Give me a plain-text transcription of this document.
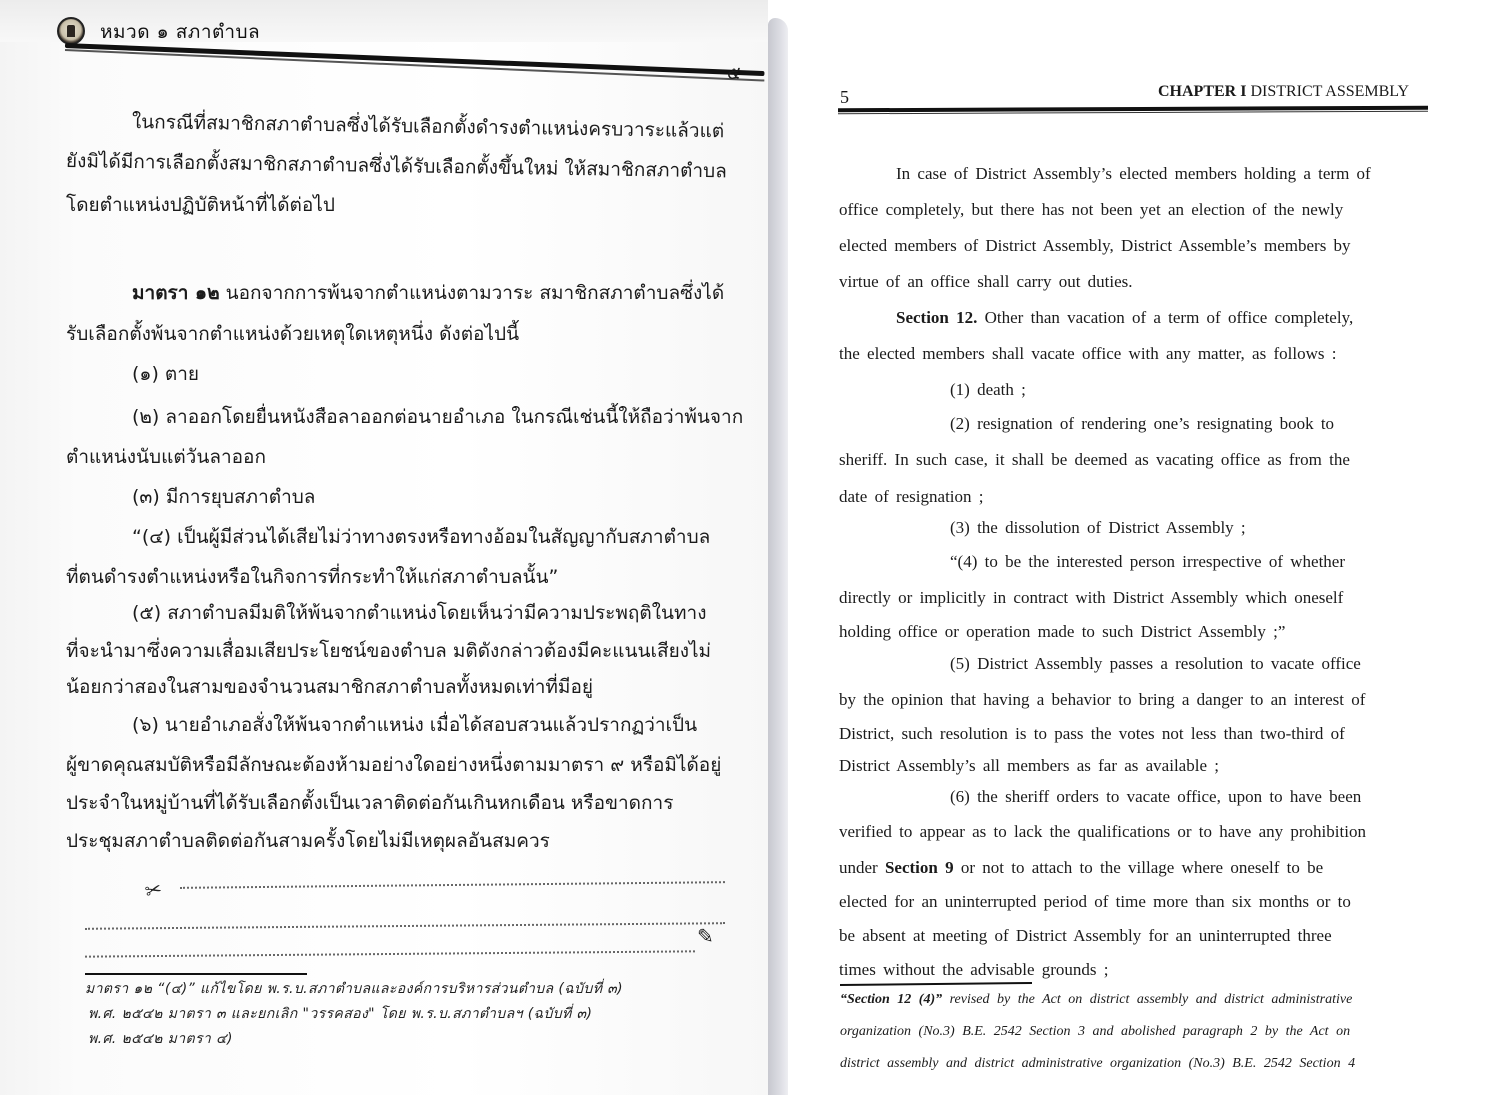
หมวด ๑ สภาตำบล
๕
ในกรณีที่สมาชิกสภาตำบลซึ่งได้รับเลือกตั้งดำรงตำแหน่งครบวาระแล้วแต่
ยังมิได้มีการเลือกตั้งสมาชิกสภาตำบลซึ่งได้รับเลือกตั้งขึ้นใหม่ ให้สมาชิกสภาตำบล
โดยตำแหน่งปฏิบัติหน้าที่ได้ต่อไป
มาตรา ๑๒ นอกจากการพ้นจากตำแหน่งตามวาระ สมาชิกสภาตำบลซึ่งได้
รับเลือกตั้งพ้นจากตำแหน่งด้วยเหตุใดเหตุหนึ่ง ดังต่อไปนี้
(๑) ตาย
(๒) ลาออกโดยยื่นหนังสือลาออกต่อนายอำเภอ ในกรณีเช่นนี้ให้ถือว่าพ้นจาก
ตำแหน่งนับแต่วันลาออก
(๓) มีการยุบสภาตำบล
“(๔) เป็นผู้มีส่วนได้เสียไม่ว่าทางตรงหรือทางอ้อมในสัญญากับสภาตำบล
ที่ตนดำรงตำแหน่งหรือในกิจการที่กระทำให้แก่สภาตำบลนั้น”
(๕) สภาตำบลมีมติให้พ้นจากตำแหน่งโดยเห็นว่ามีความประพฤติในทาง
ที่จะนำมาซึ่งความเสื่อมเสียประโยชน์ของตำบล มติดังกล่าวต้องมีคะแนนเสียงไม่
น้อยกว่าสองในสามของจำนวนสมาชิกสภาตำบลทั้งหมดเท่าที่มีอยู่
(๖) นายอำเภอสั่งให้พ้นจากตำแหน่ง เมื่อได้สอบสวนแล้วปรากฏว่าเป็น
ผู้ขาดคุณสมบัติหรือมีลักษณะต้องห้ามอย่างใดอย่างหนึ่งตามมาตรา ๙ หรือมิได้อยู่
ประจำในหมู่บ้านที่ได้รับเลือกตั้งเป็นเวลาติดต่อกันเกินหกเดือน หรือขาดการ
ประชุมสภาตำบลติดต่อกันสามครั้งโดยไม่มีเหตุผลอันสมควร
✂
✎
มาตรา ๑๒ “(๔)” แก้ไขโดย พ.ร.บ.สภาตำบลและองค์การบริหารส่วนตำบล (ฉบับที่ ๓)
พ.ศ. ๒๕๔๒ มาตรา ๓ และยกเลิก "วรรคสอง" โดย พ.ร.บ.สภาตำบลฯ (ฉบับที่ ๓)
พ.ศ. ๒๕๔๒ มาตรา ๔)
5	CHAPTER I DISTRICT ASSEMBLY
In case of District Assembly’s elected members holding a term of
office completely, but there has not been yet an election of the newly
elected members of District Assembly, District Assemble’s members by
virtue of an office shall carry out duties.
Section 12. Other than vacation of a term of office completely,
the elected members shall vacate office with any matter, as follows :
(1) death ;
(2) resignation of rendering one’s resignating book to
sheriff. In such case, it shall be deemed as vacating office as from the
date of resignation ;
(3) the dissolution of District Assembly ;
“(4) to be the interested person irrespective of whether
directly or implicitly in contract with District Assembly which oneself
holding office or operation made to such District Assembly ;”
(5) District Assembly passes a resolution to vacate office
by the opinion that having a behavior to bring a danger to an interest of
District, such resolution is to pass the votes not less than two-third of
District Assembly’s all members as far as available ;
(6) the sheriff orders to vacate office, upon to have been
verified to appear as to lack the qualifications or to have any prohibition
under Section 9 or not to attach to the village where oneself to be
elected for an uninterrupted period of time more than six months or to
be absent at meeting of District Assembly for an uninterrupted three
times without the advisable grounds ;
“Section 12 (4)” revised by the Act on district assembly and district administrative
organization (No.3) B.E. 2542 Section 3 and abolished paragraph 2 by the Act on
district assembly and district administrative organization (No.3) B.E. 2542 Section 4
